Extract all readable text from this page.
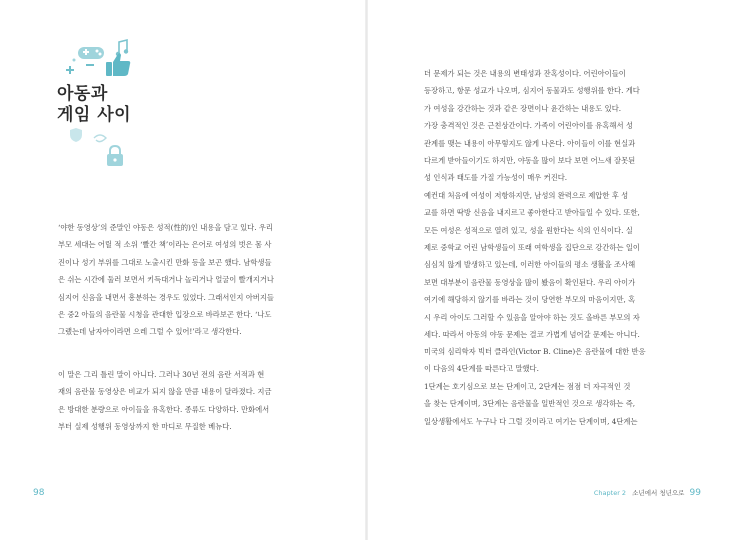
아동과
게임 사이

‘야한 동영상’의 준말인 야동은 성적(性的)인 내용을 담고 있다. 우리
부모 세대는 어릴 적 소위 ‘빨간 책’이라는 은어로 여성의 벗은 몸 사
진이나 성기 부위를 그대로 노출시킨 만화 등을 보곤 했다. 남학생들
은 쉬는 시간에 둘러 보면서 키득대거나 놀리거나 얼굴이 빨개지거나
심지어 신음을 내면서 흥분하는 경우도 있었다. 그래서인지 아버지들
은 중2 아들의 음란물 시청을 관대한 입장으로 바라보곤 한다. ‘나도
그랬는데 남자아이라면 으레 그럴 수 있어!’라고 생각한다.

이 말은 그리 틀린 말이 아니다. 그러나 30년 전의 음란 서적과 현
재의 음란물 동영상은 비교가 되지 않을 만큼 내용이 달라졌다. 지금
은 방대한 분량으로 아이들을 유혹한다. 종류도 다양하다. 만화에서
부터 실제 성행위 동영상까지 한 마디로 무질한 베뉴다.

98

더 문제가 되는 것은 내용의 변태성과 잔혹성이다. 어린아이들이
등장하고, 항문 성교가 나오며, 심지어 동물과도 성행위를 한다. 게다
가 여성을 강간하는 것과 같은 장면이나 윤간하는 내용도 있다.
가장 충격적인 것은 근친상간이다. 가족이 어린아이를 유혹해서 성
관계를 맺는 내용이 아무렇지도 않게 나온다. 아이들이 이를 현실과
다르게 받아들이기도 하지만, 야동을 많이 보다 보면 어느새 잘못된
성 인식과 태도를 가질 가능성이 매우 커진다.
예컨대 처음에 여성이 저항하지만, 남성의 완력으로 제압한 후 성
교를 하면 딱방 신음을 내지르고 좋아한다고 받아들일 수 있다. 또한,
모든 여성은 성적으로 열려 있고, 성을 원한다는 식의 인식이다. 실
제로 중학교 어린 남학생들이 또래 여학생을 집단으로 강간하는 일이
심심치 않게 발생하고 있는데, 이러한 아이들의 평소 생활을 조사해
보면 대부분이 음란물 동영상을 많이 봤음이 확인된다. 우리 아이가
여기에 해당하지 않기를 바라는 것이 당연한 부모의 마음이지만, 혹
시 우리 아이도 그러할 수 있음을 알아야 하는 것도 올바른 부모의 자
세다. 따라서 아동의 야동 문제는 결코 가볍게 넘어갈 문제는 아니다.

미국의 심리학자 빅터 클라인(Victor B. Cline)은 음란물에 대한 반응
이 다음의 4단계를 따른다고 말했다.
1단계는 호기심으로 보는 단계이고, 2단계는 점점 더 자극적인 것
을 찾는 단계이며, 3단계는 음란물을 일반적인 것으로 생각하는 즉,
일상생활에서도 누구나 다 그럴 것이라고 여기는 단계이며, 4단계는

Chapter 2 소년에서 청년으로 99
